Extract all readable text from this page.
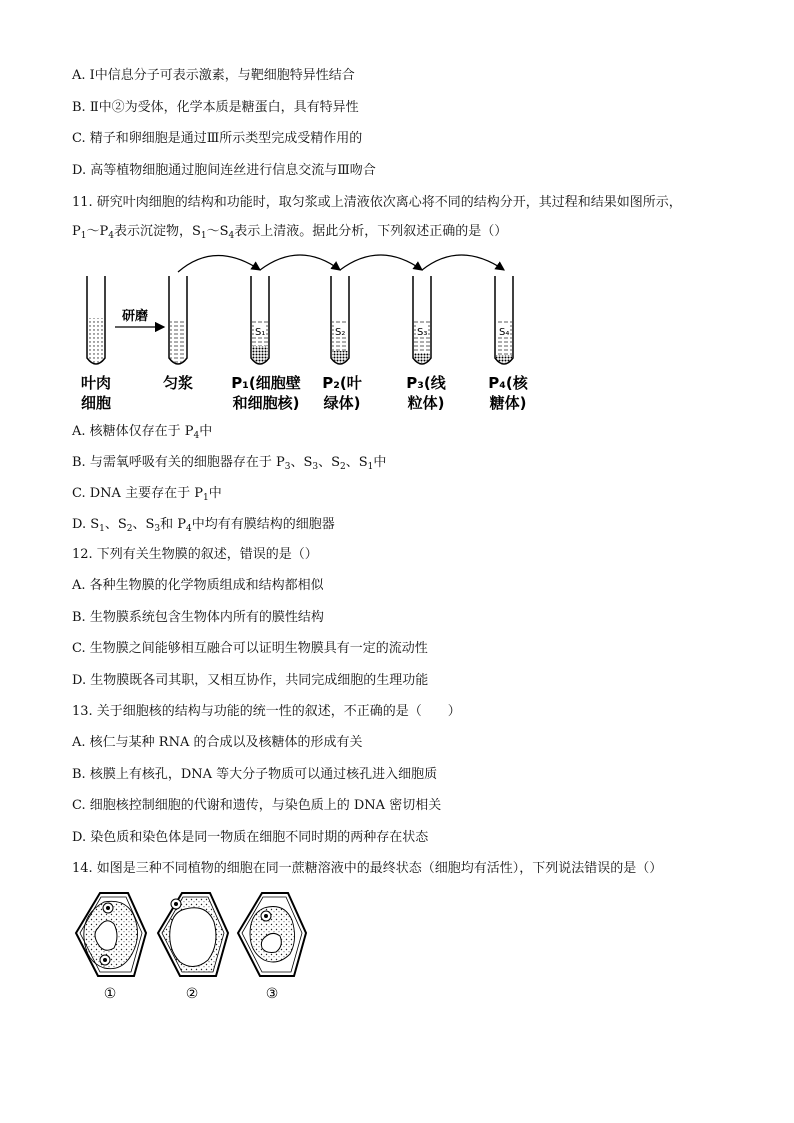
A. Ⅰ中信息分子可表示激素，与靶细胞特异性结合
B. Ⅱ中②为受体，化学本质是糖蛋白，具有特异性
C. 精子和卵细胞是通过Ⅲ所示类型完成受精作用的
D. 高等植物细胞通过胞间连丝进行信息交流与Ⅲ吻合
11. 研究叶肉细胞的结构和功能时，取匀浆或上清液依次离心将不同的结构分开，其过程和结果如图所示，
$P_1\sim P_4$表示沉淀物，$S_1\sim S_4$表示上清液。据此分析，下列叙述正确的是（）
研磨
S₁	S₂	S₃	S₄
叶肉
细胞
匀浆	P₁(细胞壁
和细胞核)
P₂(叶
绿体)
P₃(线
粒体)
P₄(核
糖体)
A. 核糖体仅存在于 $P_4$中
B. 与需氧呼吸有关的细胞器存在于 $P_3$、$S_3$、$S_2$、$S_1$中
C. DNA 主要存在于 $P_1$中
D. $S_1$、$S_2$、$S_3$和 $P_4$中均有有膜结构的细胞器
12. 下列有关生物膜的叙述，错误的是（）
A. 各种生物膜的化学物质组成和结构都相似
B. 生物膜系统包含生物体内所有的膜性结构
C. 生物膜之间能够相互融合可以证明生物膜具有一定的流动性
D. 生物膜既各司其职，又相互协作，共同完成细胞的生理功能
13. 关于细胞核的结构与功能的统一性的叙述，不正确的是（　　）
A. 核仁与某种 RNA 的合成以及核糖体的形成有关
B. 核膜上有核孔，DNA 等大分子物质可以通过核孔进入细胞质
C. 细胞核控制细胞的代谢和遗传，与染色质上的 DNA 密切相关
D. 染色质和染色体是同一物质在细胞不同时期的两种存在状态
14. 如图是三种不同植物的细胞在同一蔗糖溶液中的最终状态（细胞均有活性），下列说法错误的是（）
①	②	③
